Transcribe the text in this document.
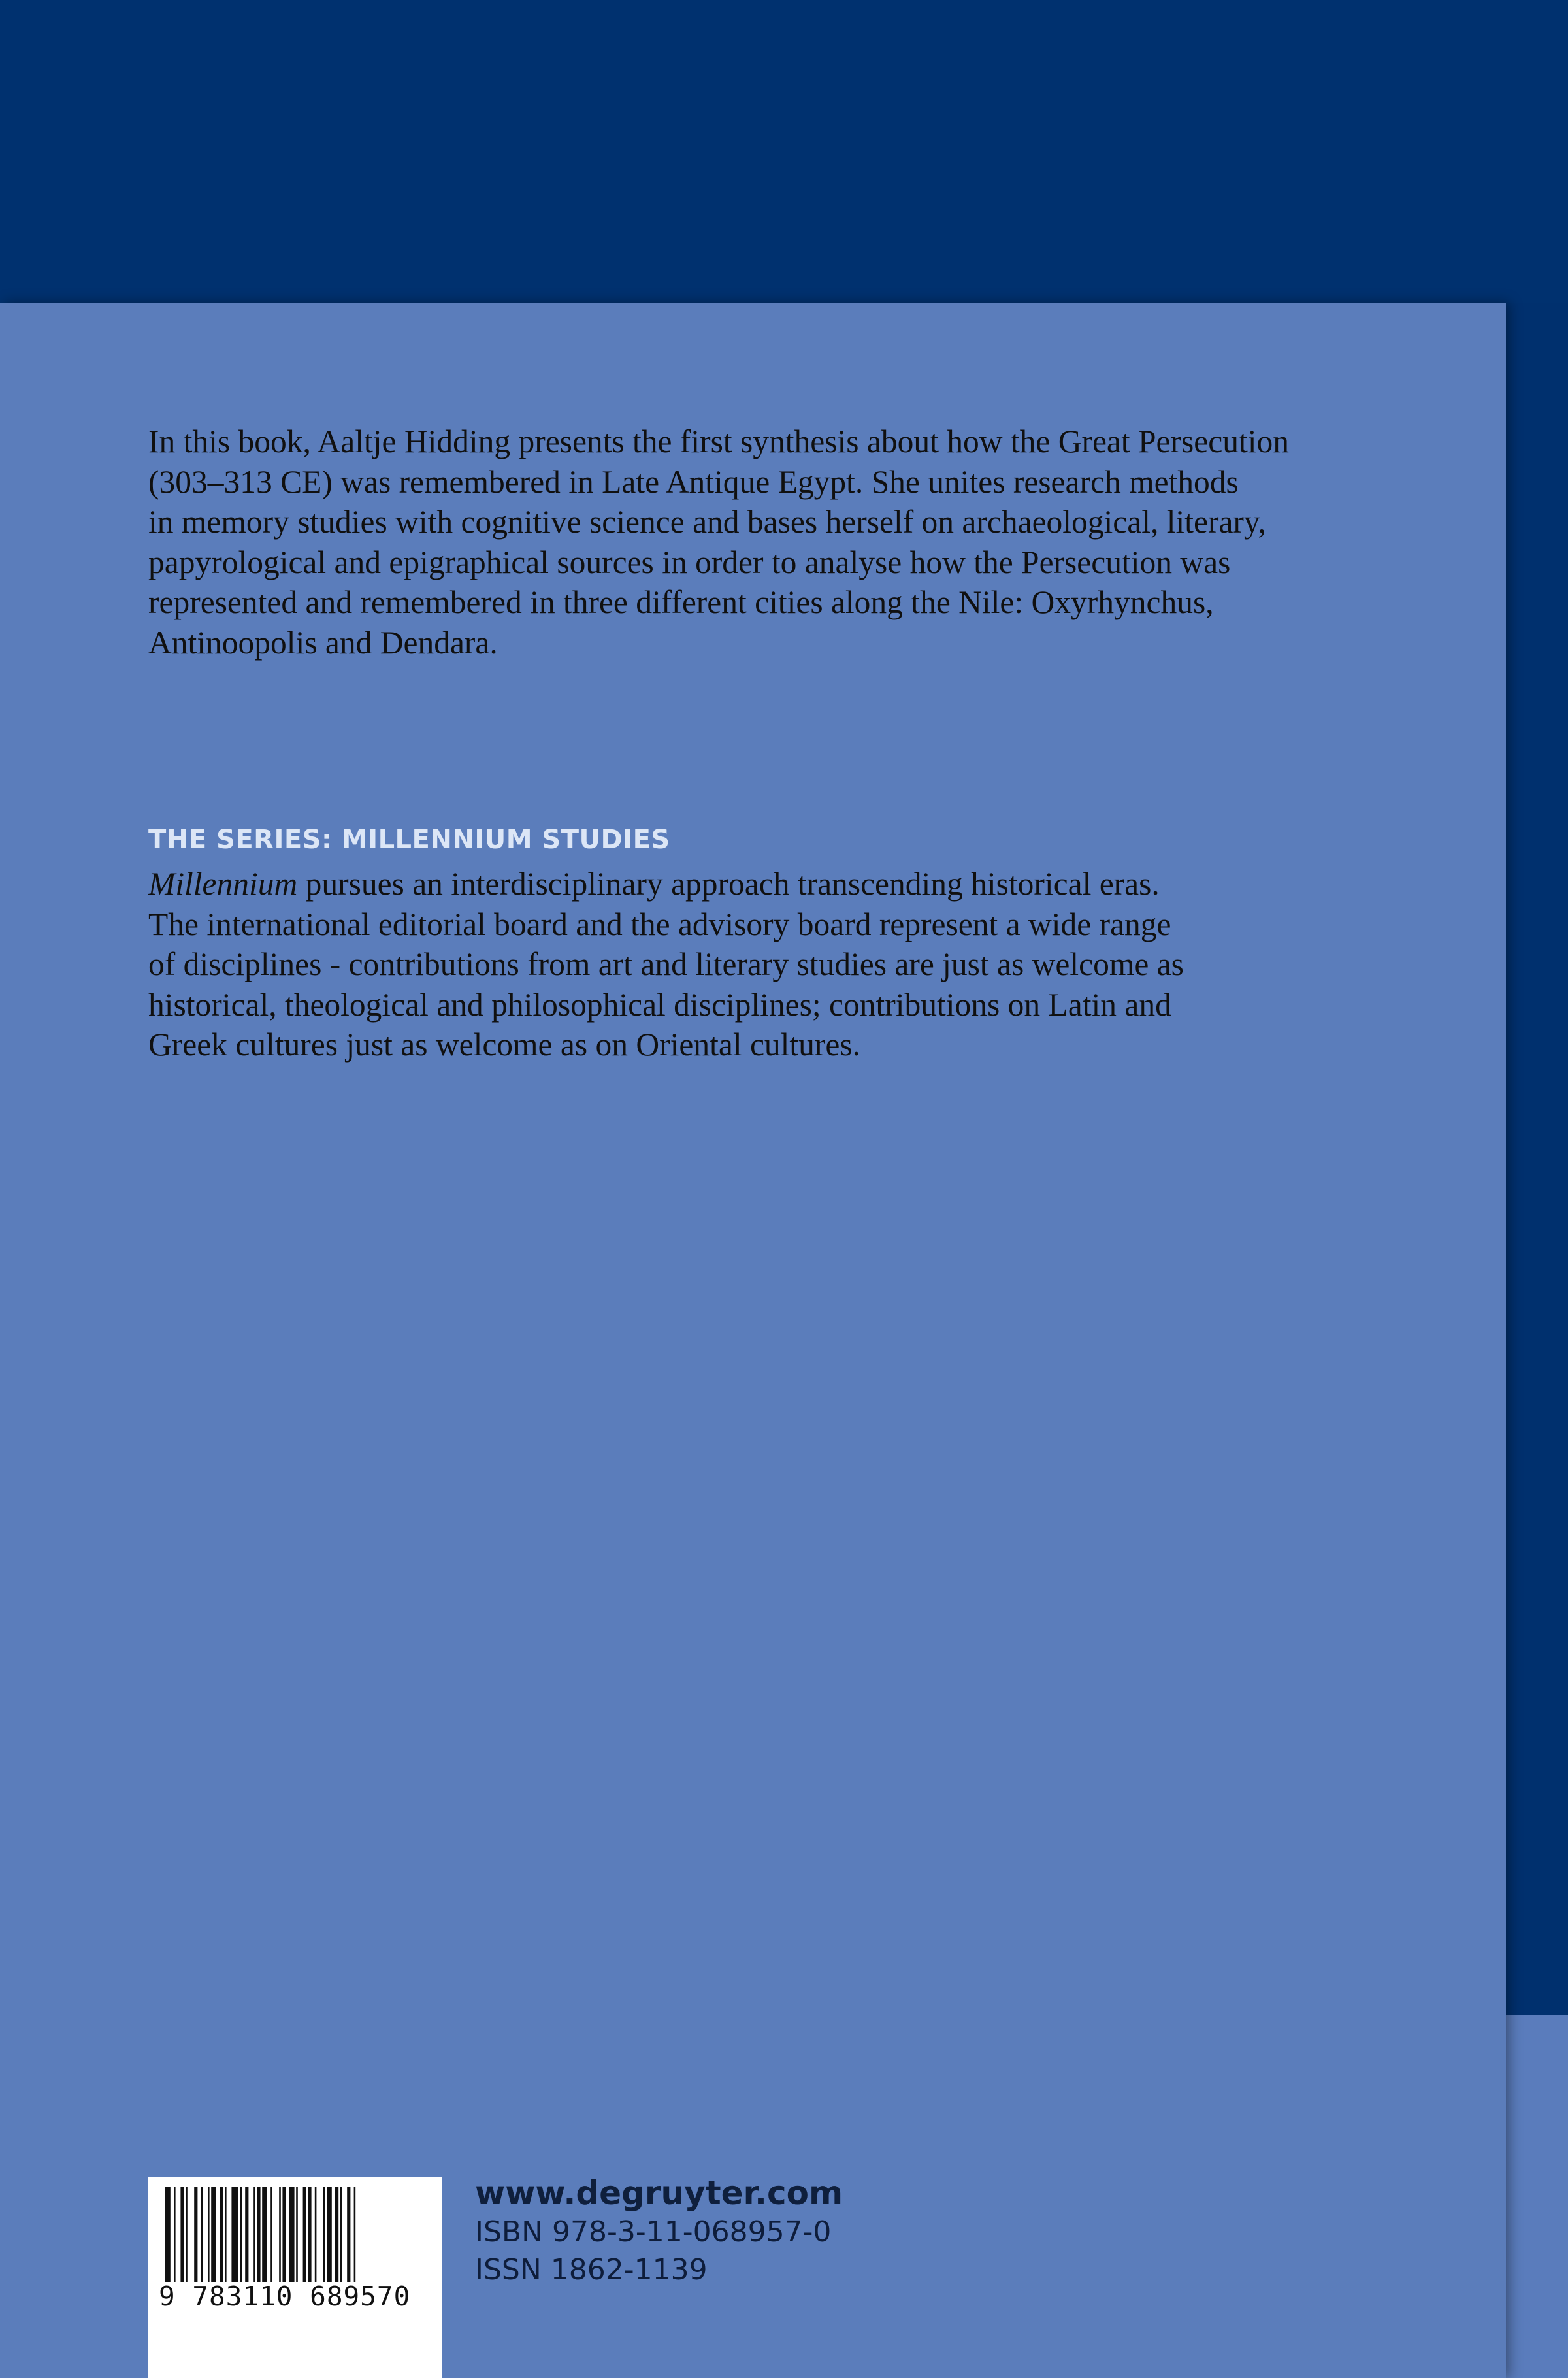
In this book, Aaltje Hidding presents the first synthesis about how the Great Persecution
(303–313 CE) was remembered in Late Antique Egypt. She unites research methods
in memory studies with cognitive science and bases herself on archaeological, literary,
papyrological and epigraphical sources in order to analyse how the Persecution was
represented and remembered in three different cities along the Nile: Oxyrhynchus,
Antinoopolis and Dendara.

THE SERIES: MILLENNIUM STUDIES

Millennium pursues an interdisciplinary approach transcending historical eras.
The international editorial board and the advisory board represent a wide range
of disciplines - contributions from art and literary studies are just as welcome as
historical, theological and philosophical disciplines; contributions on Latin and
Greek cultures just as welcome as on Oriental cultures.

9 783110 689570

www.degruyter.com
ISBN 978-3-11-068957-0
ISSN 1862-1139
